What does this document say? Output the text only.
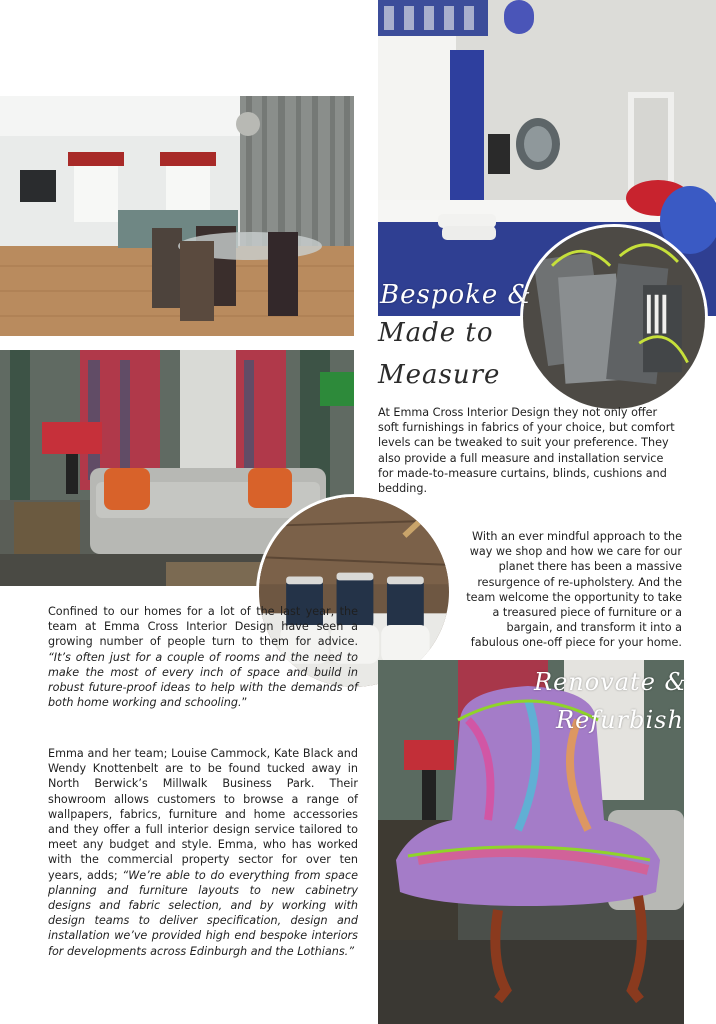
Bespoke &
Made to
Measure

At Emma Cross Interior Design they not only offer soft furnishings in fabrics of your choice, but comfort levels can be tweaked to suit your preference. They also provide a full measure and installation service for made-to-measure curtains, blinds, cushions and bedding.

With an ever mindful approach to the way we shop and how we care for our planet there has been a massive resurgence of re-upholstery. And the team welcome the opportunity to take a treasured piece of furniture or a bargain, and transform it into a fabulous one-off piece for your home.

Confined to our homes for a lot of the last year, the team at Emma Cross Interior Design have seen a growing number of people turn to them for advice. “It’s often just for a couple of rooms and the need to make the most of every inch of space and build in robust future-proof ideas to help with the demands of both home working and schooling.”

Emma and her team; Louise Cammock, Kate Black and Wendy Knottenbelt are to be found tucked away in North Berwick’s Millwalk Business Park. Their showroom allows customers to browse a range of wallpapers, fabrics, furniture and home accessories and they offer a full interior design service tailored to meet any budget and style. Emma, who has worked with the commercial property sector for over ten years, adds; “We’re able to do everything from space planning and furniture layouts to new cabinetry designs and fabric selection, and by working with design teams to deliver specification, design and installation we’ve provided high end bespoke interiors for developments across Edinburgh and the Lothians.”

Renovate &
Refurbish
